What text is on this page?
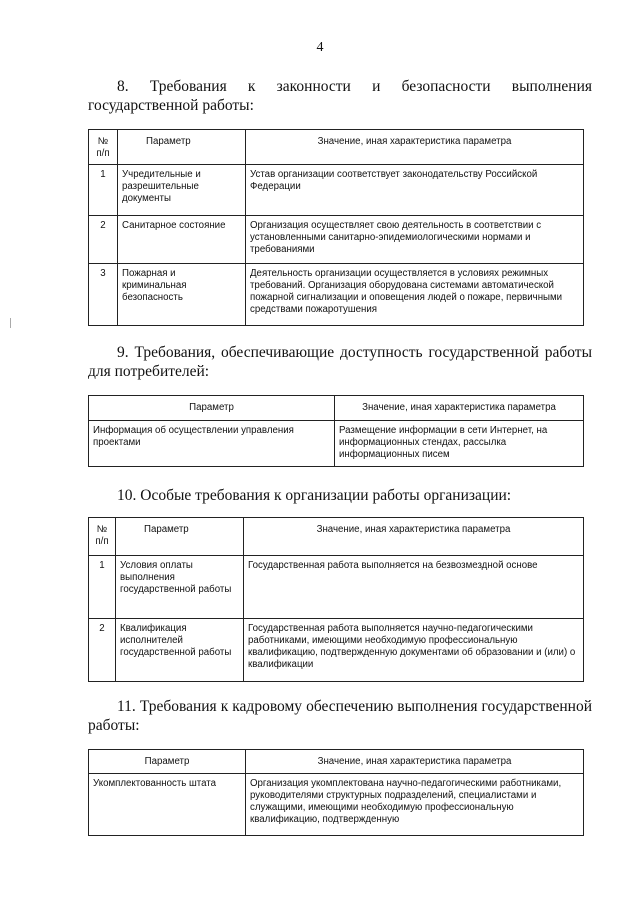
4

8. Требования к законности и безопасности выполнения государственной работы:

№ п/п	Параметр	Значение, иная характеристика параметра
1	Учредительные и разрешительные документы	Устав организации соответствует законодательству Российской Федерации
2	Санитарное состояние	Организация осуществляет свою деятельность в соответствии с установленными санитарно-эпидемиологическими нормами и требованиями
3	Пожарная и криминальная безопасность	Деятельность организации осуществляется в условиях режимных требований. Организация оборудована системами автоматической пожарной сигнализации и оповещения людей о пожаре, первичными средствами пожаротушения

9. Требования, обеспечивающие доступность государственной работы для потребителей:

Параметр	Значение, иная характеристика параметра
Информация об осуществлении управления проектами	Размещение информации в сети Интернет, на информационных стендах, рассылка информационных писем

10. Особые требования к организации работы организации:

№ п/п	Параметр	Значение, иная характеристика параметра
1	Условия оплаты выполнения государственной работы	Государственная работа выполняется на безвозмездной основе
2	Квалификация исполнителей государственной работы	Государственная работа выполняется научно-педагогическими работниками, имеющими необходимую профессиональную квалификацию, подтвержденную документами об образовании и (или) о квалификации

11. Требования к кадровому обеспечению выполнения государственной работы:

Параметр	Значение, иная характеристика параметра
Укомплектованность штата	Организация укомплектована научно-педагогическими работниками, руководителями структурных подразделений, специалистами и служащими, имеющими необходимую профессиональную квалификацию, подтвержденную
